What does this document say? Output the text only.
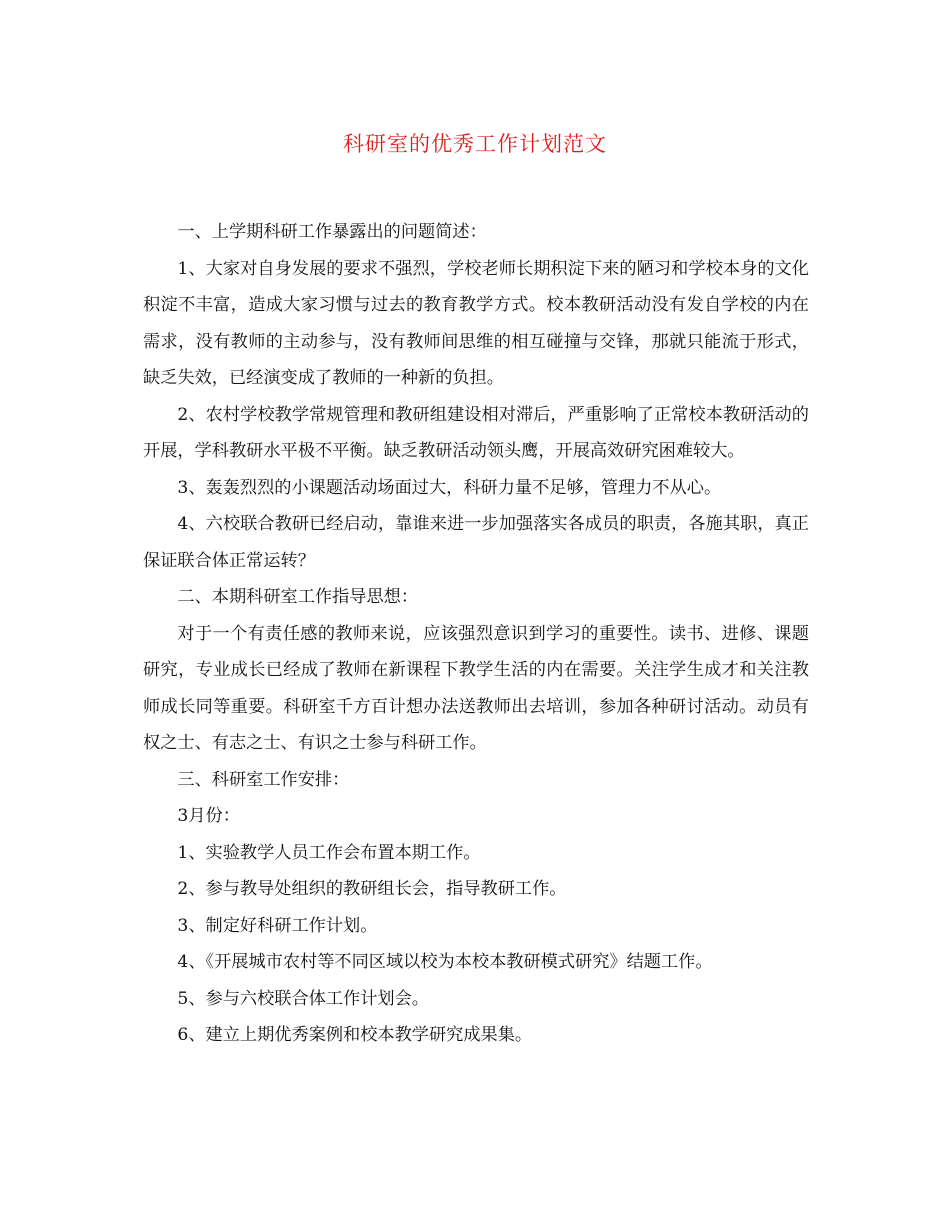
科研室的优秀工作计划范文

一、上学期科研工作暴露出的问题简述：

1、大家对自身发展的要求不强烈，学校老师长期积淀下来的陋习和学校本身的文化积淀不丰富，造成大家习惯与过去的教育教学方式。校本教研活动没有发自学校的内在需求，没有教师的主动参与，没有教师间思维的相互碰撞与交锋，那就只能流于形式，缺乏失效，已经演变成了教师的一种新的负担。

2、农村学校教学常规管理和教研组建设相对滞后，严重影响了正常校本教研活动的开展，学科教研水平极不平衡。缺乏教研活动领头鹰，开展高效研究困难较大。

3、轰轰烈烈的小课题活动场面过大，科研力量不足够，管理力不从心。

4、六校联合教研已经启动，靠谁来进一步加强落实各成员的职责，各施其职，真正保证联合体正常运转？

二、本期科研室工作指导思想：

对于一个有责任感的教师来说，应该强烈意识到学习的重要性。读书、进修、课题研究，专业成长已经成了教师在新课程下教学生活的内在需要。关注学生成才和关注教师成长同等重要。科研室千方百计想办法送教师出去培训，参加各种研讨活动。动员有权之士、有志之士、有识之士参与科研工作。

三、科研室工作安排：

3月份：

1、实验教学人员工作会布置本期工作。

2、参与教导处组织的教研组长会，指导教研工作。

3、制定好科研工作计划。

4、《开展城市农村等不同区域以校为本校本教研模式研究》结题工作。

5、参与六校联合体工作计划会。

6、建立上期优秀案例和校本教学研究成果集。
